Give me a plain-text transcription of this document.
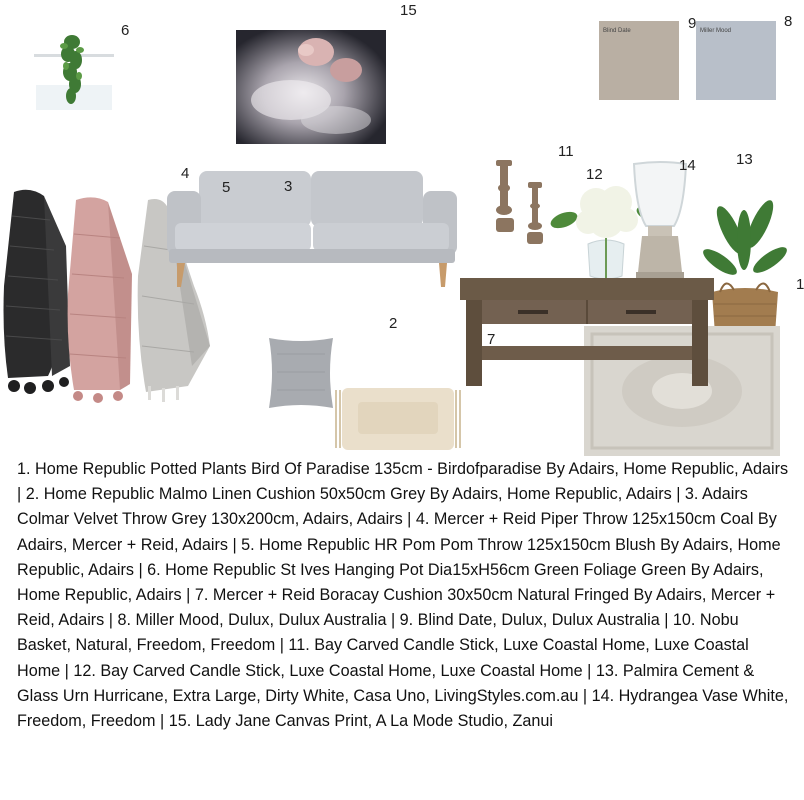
6
15
Blind Date	Miller Mood
9	8
4
5	3
2
11
12
14	13
1
7
1. Home Republic Potted Plants Bird Of Paradise 135cm - Birdofparadise By Adairs, Home Republic, Adairs | 2. Home Republic Malmo Linen Cushion 50x50cm Grey By Adairs, Home Republic, Adairs | 3. Adairs Colmar Velvet Throw Grey 130x200cm, Adairs, Adairs | 4. Mercer + Reid Piper Throw 125x150cm Coal By Adairs, Mercer + Reid, Adairs | 5. Home Republic HR Pom Pom Throw 125x150cm Blush By Adairs, Home Republic, Adairs | 6. Home Republic St Ives Hanging Pot Dia15xH56cm Green Foliage Green By Adairs, Home Republic, Adairs | 7. Mercer + Reid Boracay Cushion 30x50cm Natural Fringed By Adairs, Mercer + Reid, Adairs | 8. Miller Mood, Dulux, Dulux Australia | 9. Blind Date, Dulux, Dulux Australia | 10. Nobu Basket, Natural, Freedom, Freedom | 11. Bay Carved Candle Stick, Luxe Coastal Home, Luxe Coastal Home | 12. Bay Carved Candle Stick, Luxe Coastal Home, Luxe Coastal Home | 13. Palmira Cement & Glass Urn Hurricane, Extra Large, Dirty White, Casa Uno, LivingStyles.com.au | 14. Hydrangea Vase White, Freedom, Freedom | 15. Lady Jane Canvas Print, A La Mode Studio, Zanui
